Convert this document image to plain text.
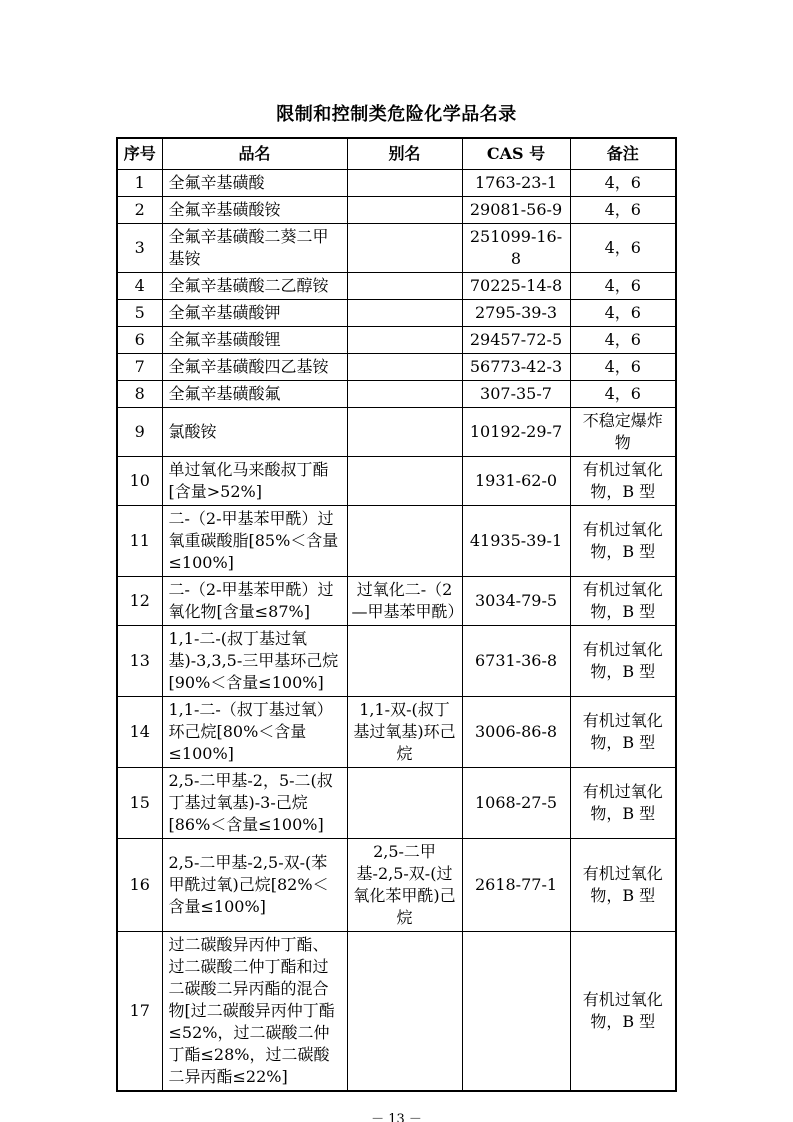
限制和控制类危险化学品名录
序号	品名	别名	CAS 号	备注
1	全氟辛基磺酸		1763-23-1	4，6
2	全氟辛基磺酸铵		29081-56-9	4，6
3	全氟辛基磺酸二葵二甲基铵		251099-16-8	4，6
4	全氟辛基磺酸二乙醇铵		70225-14-8	4，6
5	全氟辛基磺酸钾		2795-39-3	4，6
6	全氟辛基磺酸锂		29457-72-5	4，6
7	全氟辛基磺酸四乙基铵		56773-42-3	4，6
8	全氟辛基磺酸氟		307-35-7	4，6
9	氯酸铵		10192-29-7	不稳定爆炸物
10	单过氧化马来酸叔丁酯[含量>52%]		1931-62-0	有机过氧化物，B 型
11	二-（2-甲基苯甲酰）过氧重碳酸脂[85%＜含量≤100%]		41935-39-1	有机过氧化物，B 型
12	二-（2-甲基苯甲酰）过氧化物[含量≤87%]	过氧化二-（2—甲基苯甲酰）	3034-79-5	有机过氧化物，B 型
13	1,1-二-(叔丁基过氧基)-3,3,5-三甲基环己烷[90%＜含量≤100%]		6731-36-8	有机过氧化物，B 型
14	1,1-二-（叔丁基过氧）环己烷[80%＜含量≤100%]	1,1-双-(叔丁基过氧基)环己烷	3006-86-8	有机过氧化物，B 型
15	2,5-二甲基-2，5-二(叔丁基过氧基)-3-己烷[86%＜含量≤100%]		1068-27-5	有机过氧化物，B 型
16	2,5-二甲基-2,5-双-(苯甲酰过氧)己烷[82%＜含量≤100%]	2,5-二甲基-2,5-双-(过氧化苯甲酰)己烷	2618-77-1	有机过氧化物，B 型
17	过二碳酸异丙仲丁酯、过二碳酸二仲丁酯和过二碳酸二异丙酯的混合物[过二碳酸异丙仲丁酯≤52%，过二碳酸二仲丁酯≤28%，过二碳酸二异丙酯≤22%]			有机过氧化物，B 型
－ 13 －
